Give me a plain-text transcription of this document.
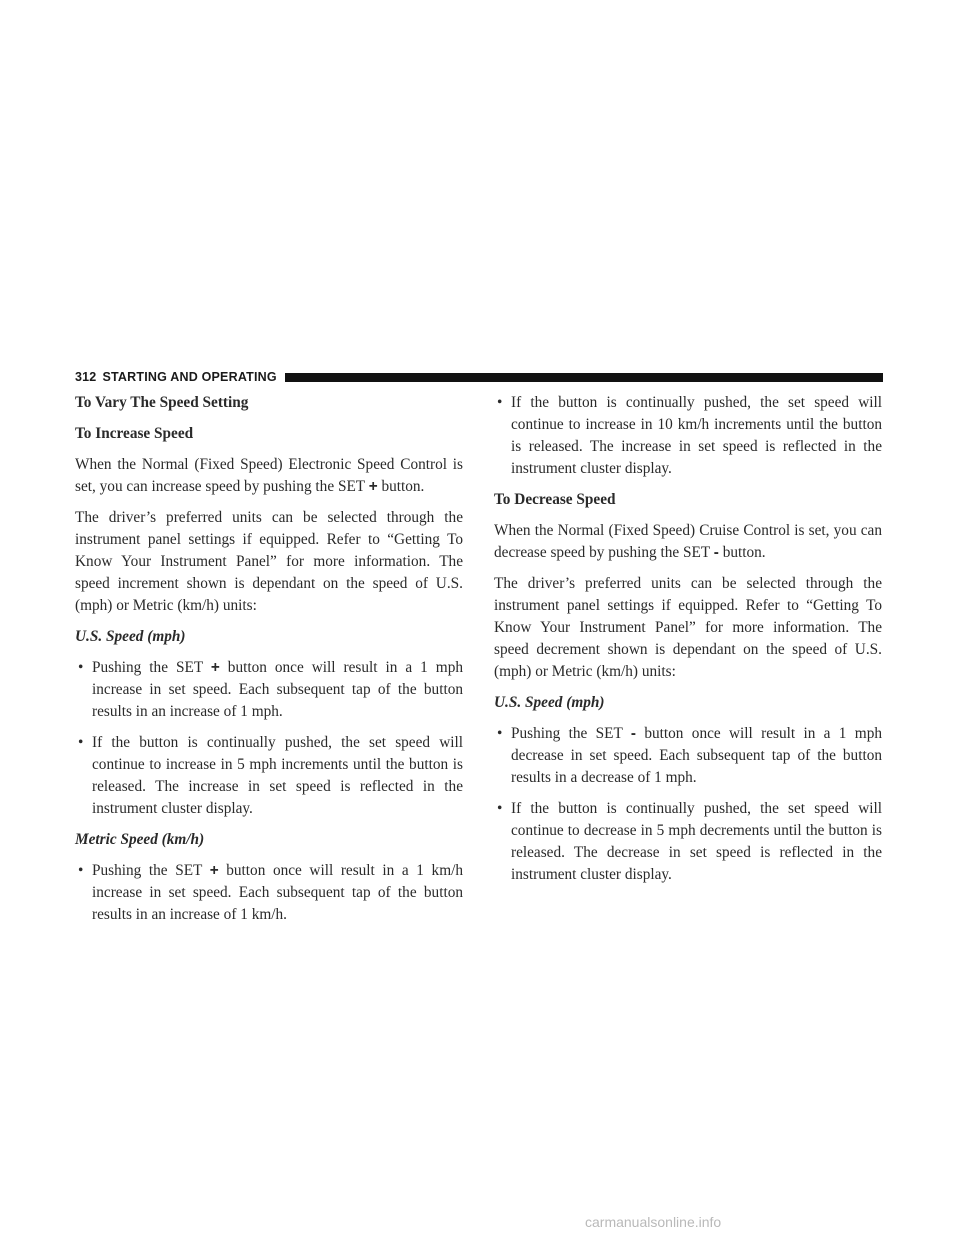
312 STARTING AND OPERATING
To Vary The Speed Setting
To Increase Speed

When the Normal (Fixed Speed) Electronic Speed Control is set, you can increase speed by pushing the SET + button.

The driver’s preferred units can be selected through the instrument panel settings if equipped. Refer to “Getting To Know Your Instrument Panel” for more information. The speed increment shown is dependant on the speed of U.S. (mph) or Metric (km/h) units:

U.S. Speed (mph)
• Pushing the SET + button once will result in a 1 mph increase in set speed. Each subsequent tap of the button results in an increase of 1 mph.

• If the button is continually pushed, the set speed will continue to increase in 5 mph increments until the button is released. The increase in set speed is reflected in the instrument cluster display.

Metric Speed (km/h)
• Pushing the SET + button once will result in a 1 km/h increase in set speed. Each subsequent tap of the button results in an increase of 1 km/h.

• If the button is continually pushed, the set speed will continue to increase in 10 km/h increments until the button is released. The increase in set speed is reflected in the instrument cluster display.

To Decrease Speed

When the Normal (Fixed Speed) Cruise Control is set, you can decrease speed by pushing the SET - button.

The driver’s preferred units can be selected through the instrument panel settings if equipped. Refer to “Getting To Know Your Instrument Panel” for more information. The speed decrement shown is dependant on the speed of U.S. (mph) or Metric (km/h) units:

U.S. Speed (mph)
• Pushing the SET - button once will result in a 1 mph decrease in set speed. Each subsequent tap of the button results in a decrease of 1 mph.

• If the button is continually pushed, the set speed will continue to decrease in 5 mph decrements until the button is released. The decrease in set speed is reflected in the instrument cluster display.

carmanualsonline.info
